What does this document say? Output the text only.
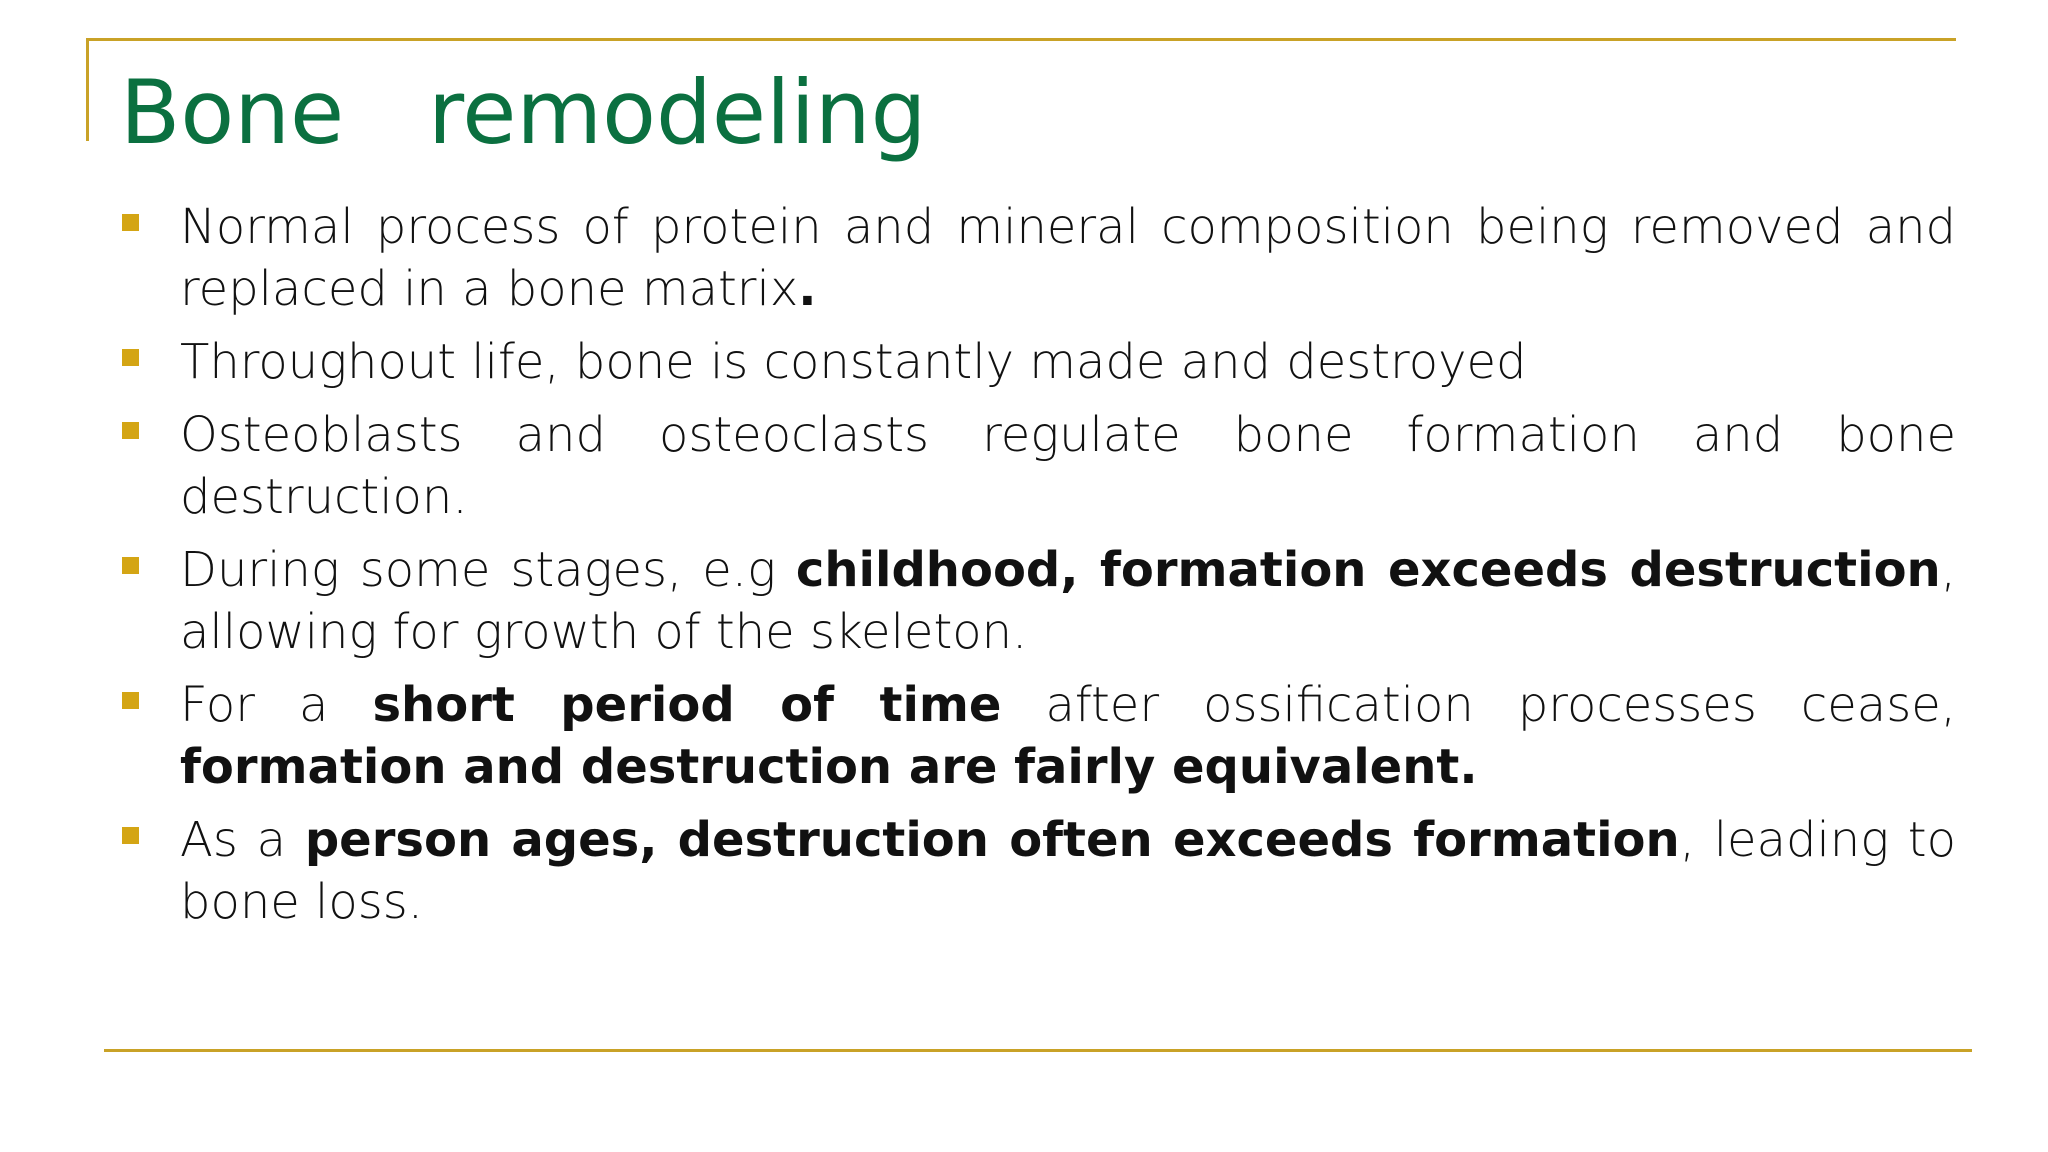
Bone   remodeling
Normal process of protein and mineral composition being removed and replaced in a bone matrix.
Throughout life, bone is constantly made and destroyed
Osteoblasts and osteoclasts regulate bone formation and bone destruction.
During some stages, e.g childhood, formation exceeds destruction, allowing for growth of the skeleton.
For a short period of time after ossification processes cease, formation and destruction are fairly equivalent.
As a person ages, destruction often exceeds formation, leading to bone loss.
